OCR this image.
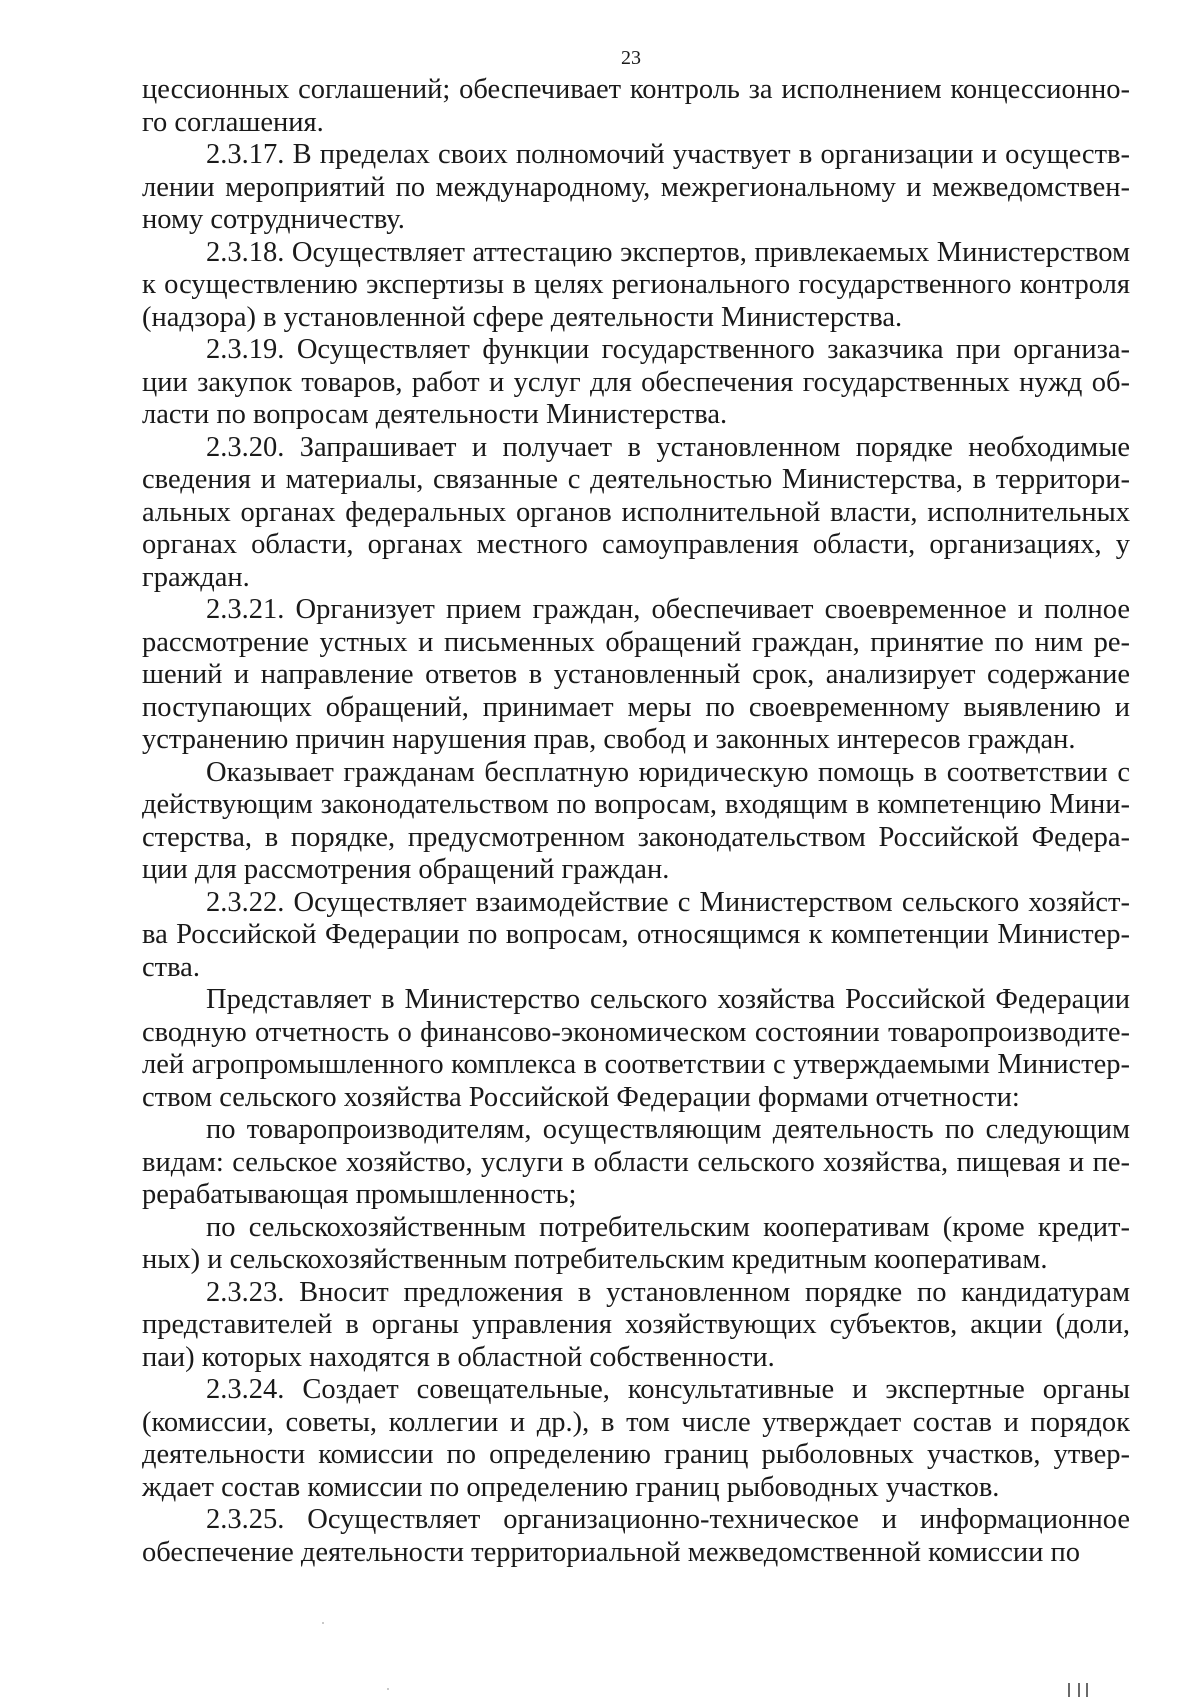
23

цессионных соглашений; обеспечивает контроль за исполнением концессионного соглашения.

2.3.17. В пределах своих полномочий участвует в организации и осуществлении мероприятий по международному, межрегиональному и межведомственному сотрудничеству.

2.3.18. Осуществляет аттестацию экспертов, привлекаемых Министерством к осуществлению экспертизы в целях регионального государственного контроля (надзора) в установленной сфере деятельности Министерства.

2.3.19. Осуществляет функции государственного заказчика при организации закупок товаров, работ и услуг для обеспечения государственных нужд области по вопросам деятельности Министерства.

2.3.20. Запрашивает и получает в установленном порядке необходимые сведения и материалы, связанные с деятельностью Министерства, в территориальных органах федеральных органов исполнительной власти, исполнительных органах области, органах местного самоуправления области, организациях, у граждан.

2.3.21. Организует прием граждан, обеспечивает своевременное и полное рассмотрение устных и письменных обращений граждан, принятие по ним решений и направление ответов в установленный срок, анализирует содержание поступающих обращений, принимает меры по своевременному выявлению и устранению причин нарушения прав, свобод и законных интересов граждан.

Оказывает гражданам бесплатную юридическую помощь в соответствии с действующим законодательством по вопросам, входящим в компетенцию Министерства, в порядке, предусмотренном законодательством Российской Федерации для рассмотрения обращений граждан.

2.3.22. Осуществляет взаимодействие с Министерством сельского хозяйства Российской Федерации по вопросам, относящимся к компетенции Министерства.

Представляет в Министерство сельского хозяйства Российской Федерации сводную отчетность о финансово-экономическом состоянии товаропроизводителей агропромышленного комплекса в соответствии с утверждаемыми Министерством сельского хозяйства Российской Федерации формами отчетности:

по товаропроизводителям, осуществляющим деятельность по следующим видам: сельское хозяйство, услуги в области сельского хозяйства, пищевая и перерабатывающая промышленность;

по сельскохозяйственным потребительским кооперативам (кроме кредитных) и сельскохозяйственным потребительским кредитным кооперативам.

2.3.23. Вносит предложения в установленном порядке по кандидатурам представителей в органы управления хозяйствующих субъектов, акции (доли, паи) которых находятся в областной собственности.

2.3.24. Создает совещательные, консультативные и экспертные органы (комиссии, советы, коллегии и др.), в том числе утверждает состав и порядок деятельности комиссии по определению границ рыболовных участков, утверждает состав комиссии по определению границ рыбоводных участков.

2.3.25. Осуществляет организационно-техническое и информационное обеспечение деятельности территориальной межведомственной комиссии по
